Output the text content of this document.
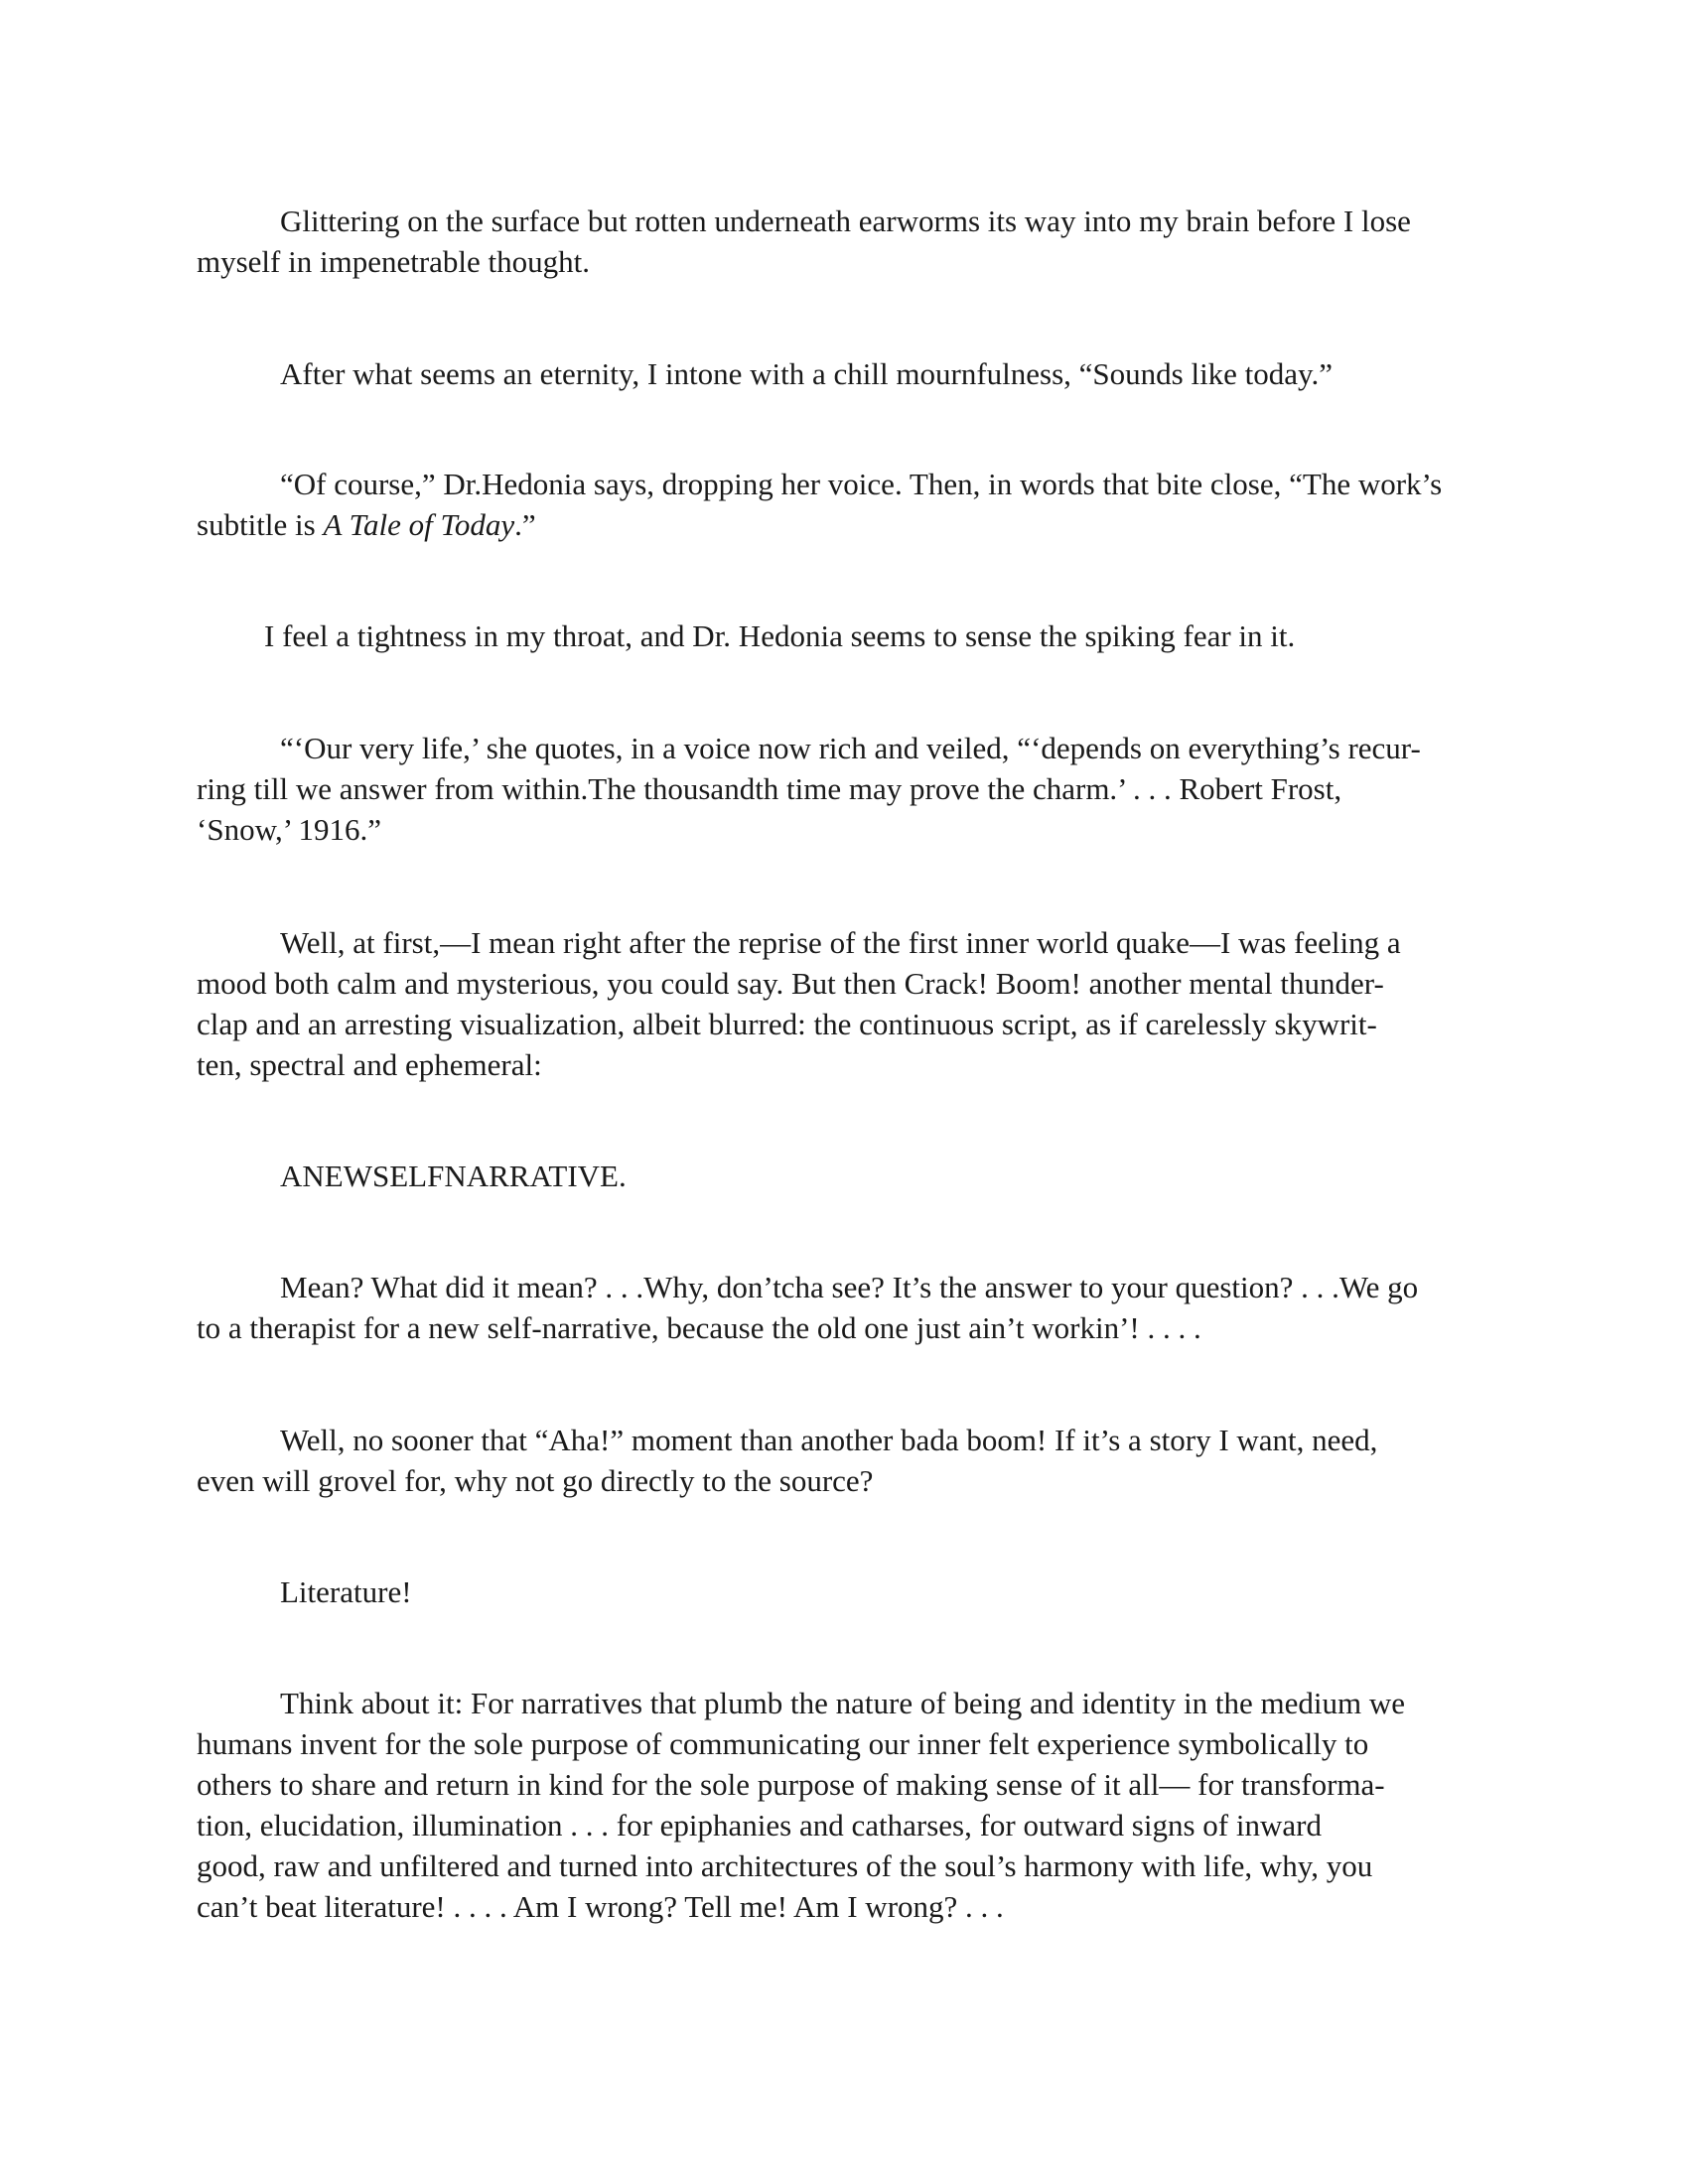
Glittering on the surface but rotten underneath earworms its way into my brain before I lose
myself in impenetrable thought.
After what seems an eternity, I intone with a chill mournfulness, “Sounds like today.”
“Of course,” Dr.Hedonia says, dropping her voice. Then, in words that bite close, “The work’s
subtitle is A Tale of Today.”
I feel a tightness in my throat, and Dr. Hedonia seems to sense the spiking fear in it.
“‘Our very life,’ she quotes, in a voice now rich and veiled, “‘depends on everything’s recur-
ring till we answer from within.The thousandth time may prove the charm.’ . . . Robert Frost,
‘Snow,’ 1916.”
Well, at first,—I mean right after the reprise of the first inner world quake—I was feeling a
mood both calm and mysterious, you could say. But then Crack! Boom! another mental thunder-
clap and an arresting visualization, albeit blurred: the continuous script, as if carelessly skywrit-
ten, spectral and ephemeral:
ANEWSELFNARRATIVE.
Mean? What did it mean? . . .Why, don’tcha see? It’s the answer to your question? . . .We go
to a therapist for a new self-narrative, because the old one just ain’t workin’! . . . .
Well, no sooner that “Aha!” moment than another bada boom! If it’s a story I want, need,
even will grovel for, why not go directly to the source?
Literature!
Think about it: For narratives that plumb the nature of being and identity in the medium we
humans invent for the sole purpose of communicating our inner felt experience symbolically to
others to share and return in kind for the sole purpose of making sense of it all— for transforma-
tion, elucidation, illumination . . . for epiphanies and catharses, for outward signs of inward
good, raw and unfiltered and turned into architectures of the soul’s harmony with life, why, you
can’t beat literature! . . . . Am I wrong? Tell me! Am I wrong? . . .
